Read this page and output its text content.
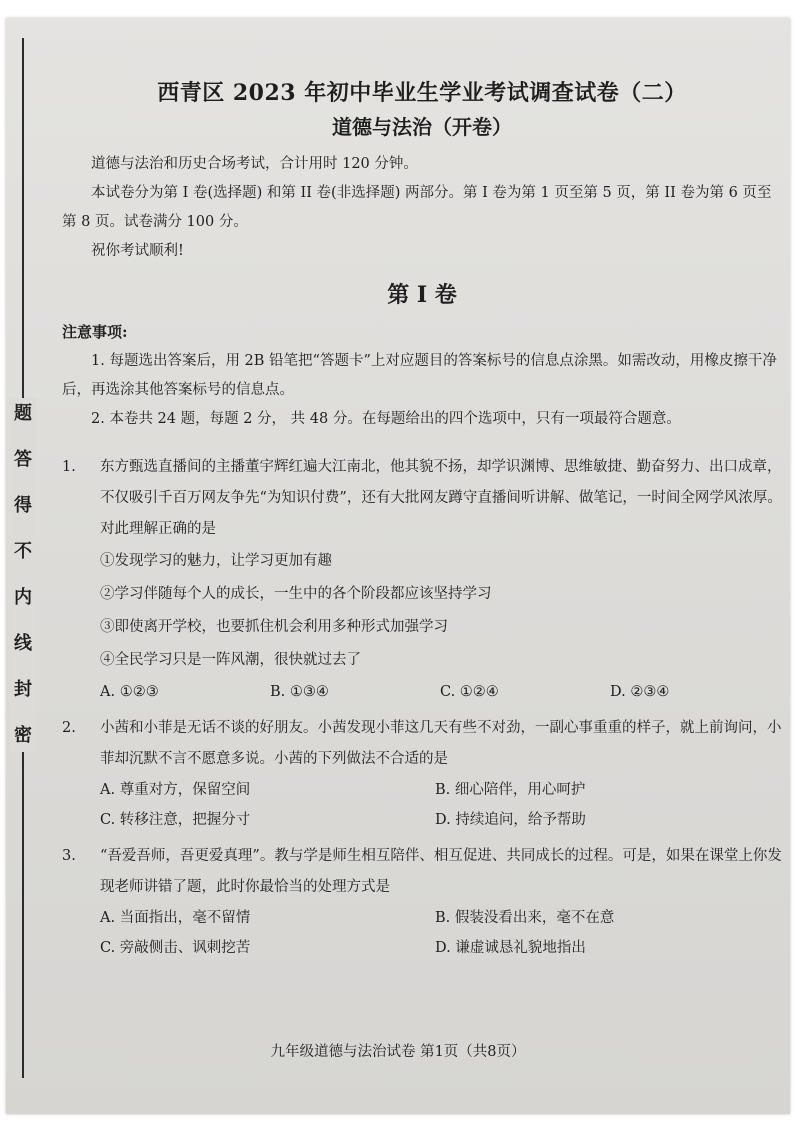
题
答
得
不
内
线
封
密
西青区 2023 年初中毕业生学业考试调查试卷（二）
道德与法治（开卷）

道德与法治和历史合场考试，合计用时 120 分钟。

本试卷分为第 I 卷(选择题) 和第 II 卷(非选择题) 两部分。第 I 卷为第 1 页至第 5 页，第 II 卷为第 6 页至第 8 页。试卷满分 100 分。

祝你考试顺利!

第 Ⅰ 卷

注意事项:

1. 每题选出答案后，用 2B 铅笔把“答题卡”上对应题目的答案标号的信息点涂黑。如需改动，用橡皮擦干净后，再选涂其他答案标号的信息点。

2. 本卷共 24 题，每题 2 分， 共 48 分。在每题给出的四个选项中，只有一项最符合题意。

1.	东方甄选直播间的主播董宇辉红遍大江南北，他其貌不扬，却学识渊博、思维敏捷、勤奋努力、出口成章，不仅吸引千百万网友争先“为知识付费”，还有大批网友蹲守直播间听讲解、做笔记，一时间全网学风浓厚。对此理解正确的是
①发现学习的魅力，让学习更加有趣
②学习伴随每个人的成长，一生中的各个阶段都应该坚持学习
③即使离开学校，也要抓住机会利用多种形式加强学习
④全民学习只是一阵风潮，很快就过去了
A. ①②③	B. ①③④	C. ①②④	D. ②③④
2.	小茜和小菲是无话不谈的好朋友。小茜发现小菲这几天有些不对劲，一副心事重重的样子，就上前询问，小菲却沉默不言不愿意多说。小茜的下列做法不合适的是
A. 尊重对方，保留空间	B. 细心陪伴，用心呵护
C. 转移注意，把握分寸	D. 持续追问，给予帮助
3.	“吾爱吾师，吾更爱真理”。教与学是师生相互陪伴、相互促进、共同成长的过程。可是，如果在课堂上你发现老师讲错了题，此时你最恰当的处理方式是
A. 当面指出，毫不留情	B. 假装没看出来，毫不在意
C. 旁敲侧击、讽刺挖苦	D. 谦虚诚恳礼貌地指出
九年级道德与法治试卷 第1页（共8页）
